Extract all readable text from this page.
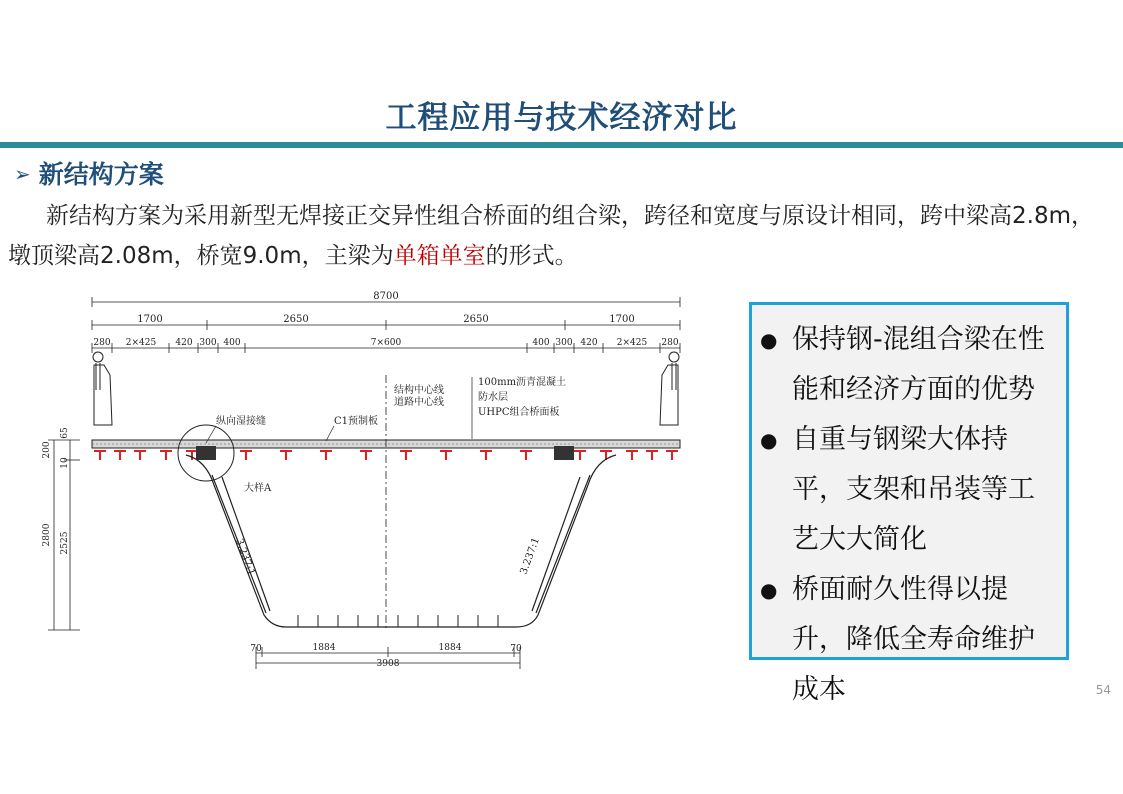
工程应用与技术经济对比
➢ 新结构方案
新结构方案为采用新型无焊接正交异性组合桥面的组合梁，跨径和宽度与原设计相同，跨中梁高2.8m，墩顶梁高2.08m，桥宽9.0m，主梁为单箱单室的形式。
8700
1700	2650	2650	1700
280 2×425 420 300 400	7×600	400 300 420 2×425 280
结构中心线
道路中心线
100mm沥青混凝土
防水层
UHPC组合桥面板
纵向湿接缝	C1预制板
大样A
3.237:1	3.237:1
200
65
10
2800 2525
70	1884	1884	70
3908
● 保持钢-混组合梁在性能和经济方面的优势
● 自重与钢梁大体持平，支架和吊装等工艺大大简化
● 桥面耐久性得以提升，降低全寿命维护成本	54
